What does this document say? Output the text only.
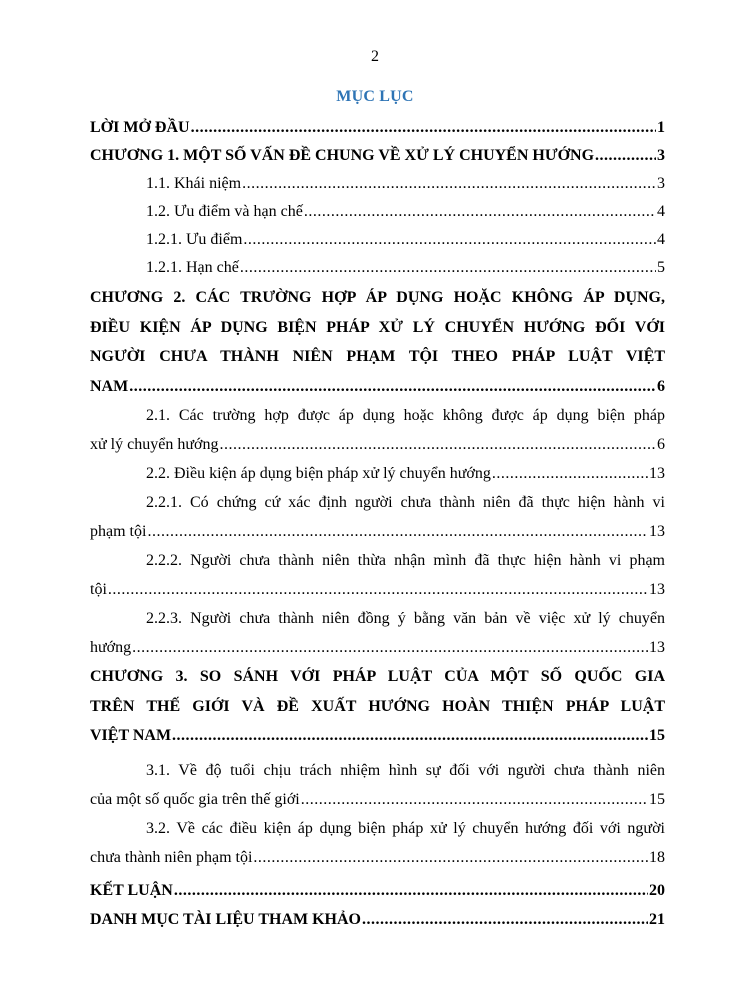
2
MỤC LỤC
LỜI MỞ ĐẦU .....	1
CHƯƠNG 1. MỘT SỐ VẤN ĐỀ CHUNG VỀ XỬ LÝ CHUYỂN HƯỚNG .....	3
1.1. Khái niệm .....	3
1.2. Ưu điểm và hạn chế .....	4
1.2.1. Ưu điểm .....	4
1.2.1. Hạn chế .....	5
CHƯƠNG 2. CÁC TRƯỜNG HỢP ÁP DỤNG HOẶC KHÔNG ÁP DỤNG,
ĐIỀU KIỆN ÁP DỤNG BIỆN PHÁP XỬ LÝ CHUYỂN HƯỚNG ĐỐI VỚI
NGƯỜI CHƯA THÀNH NIÊN PHẠM TỘI THEO PHÁP LUẬT VIỆT
NAM .....	6
2.1. Các trường hợp được áp dụng hoặc không được áp dụng biện pháp
xử lý chuyển hướng .....	6
2.2. Điều kiện áp dụng biện pháp xử lý chuyển hướng .....	13
2.2.1. Có chứng cứ xác định người chưa thành niên đã thực hiện hành vi
phạm tội .....	13
2.2.2. Người chưa thành niên thừa nhận mình đã thực hiện hành vi phạm
tội .....	13
2.2.3. Người chưa thành niên đồng ý bằng văn bản về việc xử lý chuyển
hướng .....	13
CHƯƠNG 3. SO SÁNH VỚI PHÁP LUẬT CỦA MỘT SỐ QUỐC GIA
TRÊN THẾ GIỚI VÀ ĐỀ XUẤT HƯỚNG HOÀN THIỆN PHÁP LUẬT
VIỆT NAM .....	15
3.1. Về độ tuổi chịu trách nhiệm hình sự đối với người chưa thành niên
của một số quốc gia trên thế giới .....	15
3.2. Về các điều kiện áp dụng biện pháp xử lý chuyển hướng đối với người
chưa thành niên phạm tội .....	18
KẾT LUẬN .....	20
DANH MỤC TÀI LIỆU THAM KHẢO .....	21
